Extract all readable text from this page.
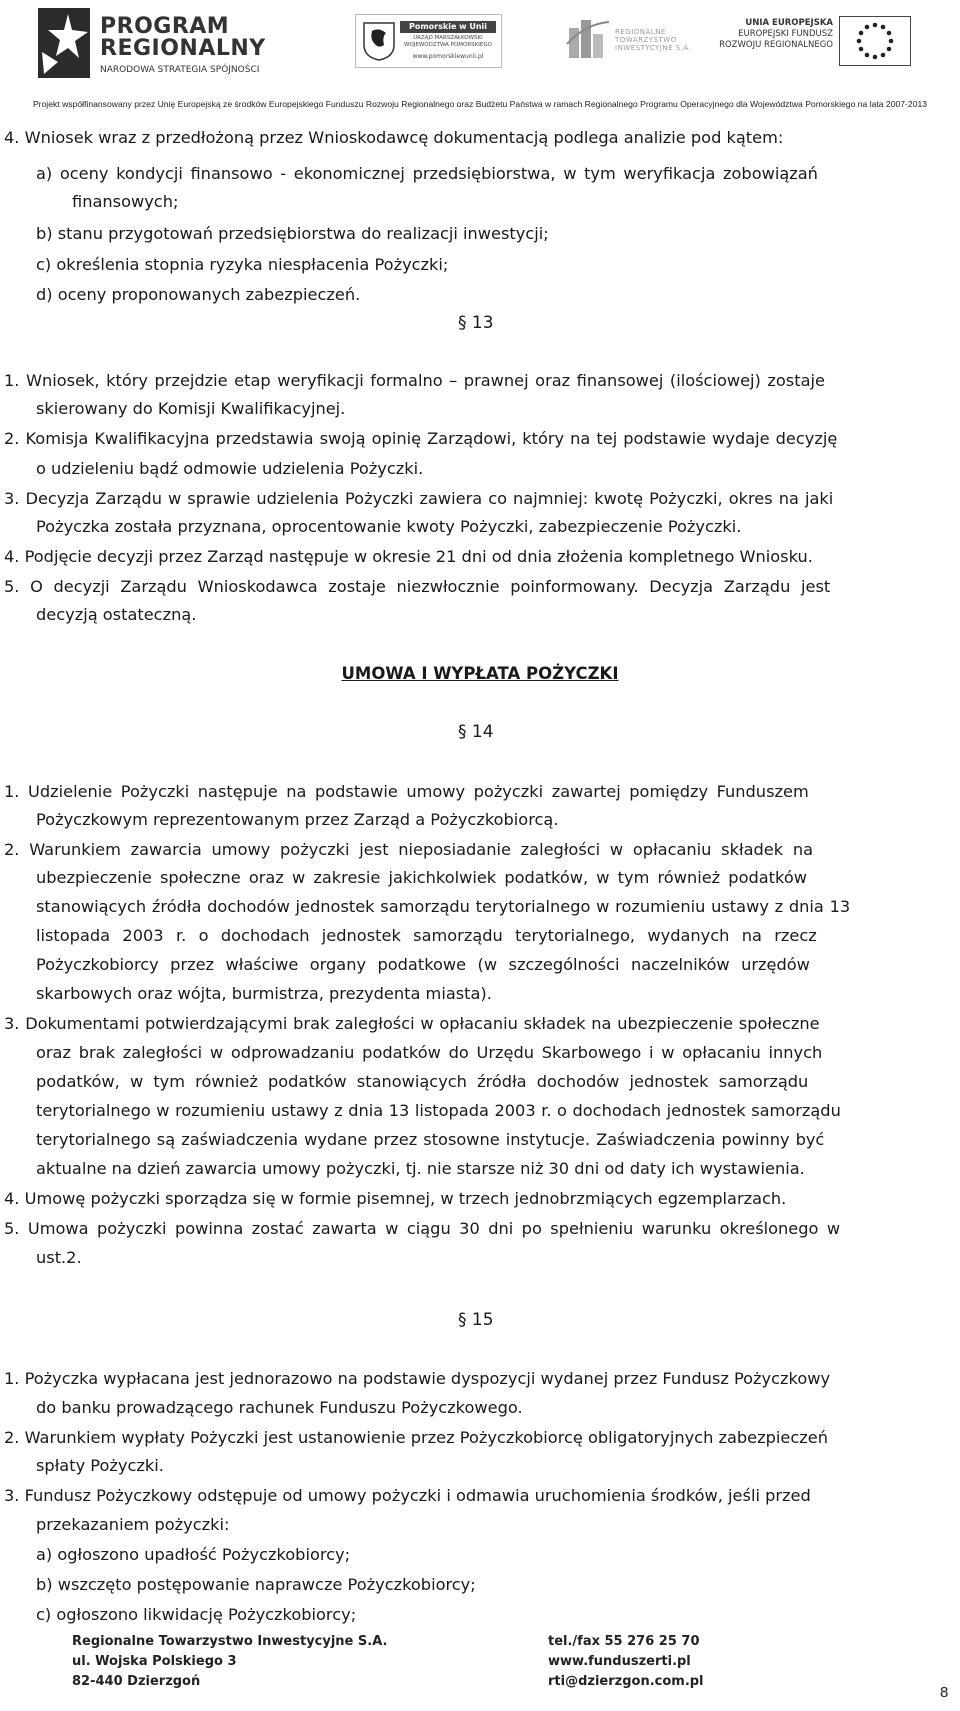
PROGRAM
REGIONALNY
NARODOWA STRATEGIA SPÓJNOŚCI
Pomorskie w Unii
URZĄD MARSZAŁKOWSKI WOJEWÓDZTWA POMORSKIEGO
www.pomorskiewunii.pl
REGIONALNE TOWARZYSTWO INWESTYCYJNE S.A.
UNIA EUROPEJSKA
EUROPEJSKI FUNDUSZ
ROZWOJU REGIONALNEGO
Projekt współfinansowany przez Unię Europejską ze środków Europejskiego Funduszu Rozwoju Regionalnego oraz Budżetu Państwa w ramach Regionalnego Programu Operacyjnego dla Województwa Pomorskiego na lata 2007-2013
4. Wniosek wraz z przedłożoną przez Wnioskodawcę dokumentacją podlega analizie pod kątem:
a) oceny kondycji finansowo - ekonomicznej przedsiębiorstwa, w tym weryfikacja zobowiązań
finansowych;
b) stanu przygotowań przedsiębiorstwa do realizacji inwestycji;
c) określenia stopnia ryzyka niespłacenia Pożyczki;
d) oceny proponowanych zabezpieczeń.
§ 13
1. Wniosek, który przejdzie etap weryfikacji formalno – prawnej oraz finansowej (ilościowej) zostaje
skierowany do Komisji Kwalifikacyjnej.
2. Komisja Kwalifikacyjna przedstawia swoją opinię Zarządowi, który na tej podstawie wydaje decyzję
o udzieleniu bądź odmowie udzielenia Pożyczki.
3. Decyzja Zarządu w sprawie udzielenia Pożyczki zawiera co najmniej: kwotę Pożyczki, okres na jaki
Pożyczka została przyznana, oprocentowanie kwoty Pożyczki, zabezpieczenie Pożyczki.
4. Podjęcie decyzji przez Zarząd następuje w okresie 21 dni od dnia złożenia kompletnego Wniosku.
5. O decyzji Zarządu Wnioskodawca zostaje niezwłocznie poinformowany. Decyzja Zarządu jest
decyzją ostateczną.
UMOWA I WYPŁATA POŻYCZKI
§ 14
1. Udzielenie Pożyczki następuje na podstawie umowy pożyczki zawartej pomiędzy Funduszem
Pożyczkowym reprezentowanym przez Zarząd a Pożyczkobiorcą.
2. Warunkiem zawarcia umowy pożyczki jest nieposiadanie zaległości w opłacaniu składek na
ubezpieczenie społeczne oraz w zakresie jakichkolwiek podatków, w tym również podatków
stanowiących źródła dochodów jednostek samorządu terytorialnego w rozumieniu ustawy z dnia 13
listopada 2003 r. o dochodach jednostek samorządu terytorialnego, wydanych na rzecz
Pożyczkobiorcy przez właściwe organy podatkowe (w szczególności naczelników urzędów
skarbowych oraz wójta, burmistrza, prezydenta miasta).
3. Dokumentami potwierdzającymi brak zaległości w opłacaniu składek na ubezpieczenie społeczne
oraz brak zaległości w odprowadzaniu podatków do Urzędu Skarbowego i w opłacaniu innych
podatków, w tym również podatków stanowiących źródła dochodów jednostek samorządu
terytorialnego w rozumieniu ustawy z dnia 13 listopada 2003 r. o dochodach jednostek samorządu
terytorialnego są zaświadczenia wydane przez stosowne instytucje. Zaświadczenia powinny być
aktualne na dzień zawarcia umowy pożyczki, tj. nie starsze niż 30 dni od daty ich wystawienia.
4. Umowę pożyczki sporządza się w formie pisemnej, w trzech jednobrzmiących egzemplarzach.
5. Umowa pożyczki powinna zostać zawarta w ciągu 30 dni po spełnieniu warunku określonego w
ust.2.
§ 15
1. Pożyczka wypłacana jest jednorazowo na podstawie dyspozycji wydanej przez Fundusz Pożyczkowy
do banku prowadzącego rachunek Funduszu Pożyczkowego.
2. Warunkiem wypłaty Pożyczki jest ustanowienie przez Pożyczkobiorcę obligatoryjnych zabezpieczeń
spłaty Pożyczki.
3. Fundusz Pożyczkowy odstępuje od umowy pożyczki i odmawia uruchomienia środków, jeśli przed
przekazaniem pożyczki:
a) ogłoszono upadłość Pożyczkobiorcy;
b) wszczęto postępowanie naprawcze Pożyczkobiorcy;
c) ogłoszono likwidację Pożyczkobiorcy;
Regionalne Towarzystwo Inwestycyjne S.A.
ul. Wojska Polskiego 3
82-440 Dzierzgoń
tel./fax 55 276 25 70
www.funduszerti.pl
rti@dzierzgon.com.pl
8
